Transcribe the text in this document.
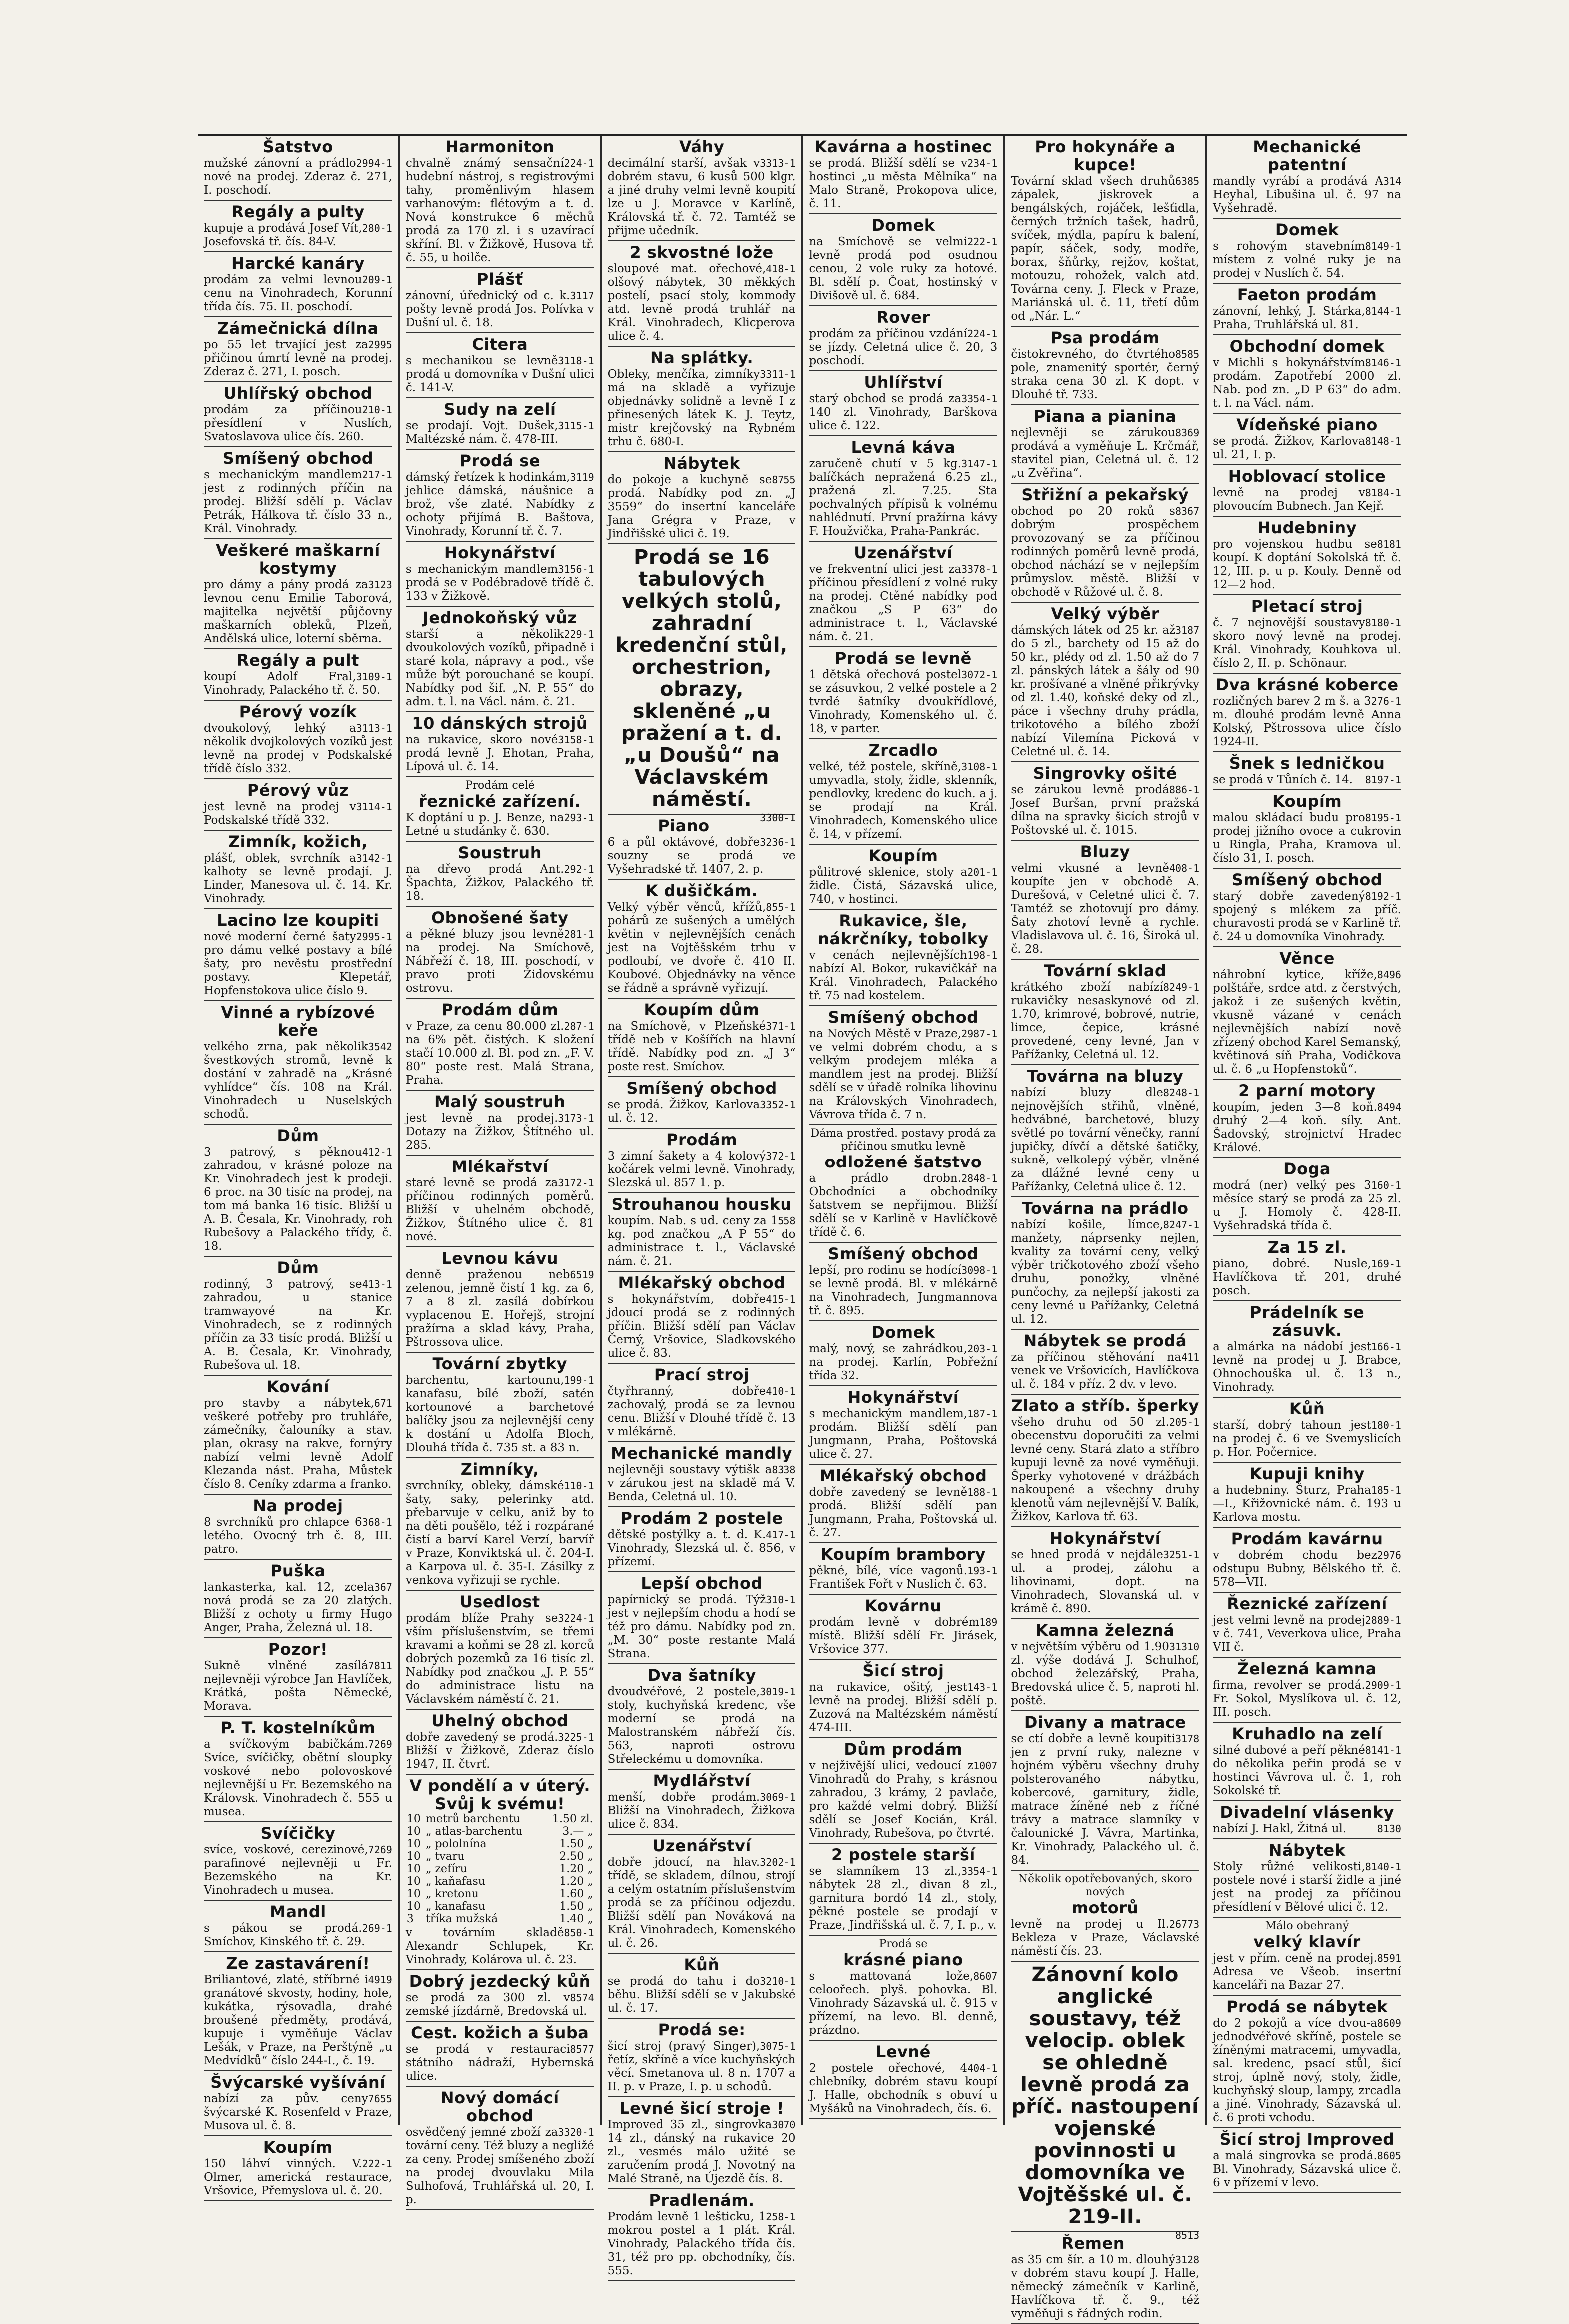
Šatstvo

2994-1
mužské zánovní a prádlo nové na prodej. Zderaz č. 271, I. poschodí.

Regály a pulty

280-1
kupuje a prodává Josef Vít, Josefovská tř. čís. 84-V.

Harcké kanáry

209-1
prodám za velmi levnou cenu na Vinohradech, Korunní třída čís. 75. II. poschodí.

Zámečnická dílna

2995
po 55 let trvající jest za přičinou úmrtí levně na prodej. Zderaz č. 271, I. posch.

Uhlířský obchod

210-1
prodám za příčinou přesídlení v Nuslích, Svatoslavova ulice čís. 260.

Smíšený obchod

217-1
s mechanickým mandlem jest z rodinných příčin na prodej. Bližší sdělí p. Václav Petrák, Hálkova tř. číslo 33 n., Král. Vinohrady.

Veškeré maškarní kostymy

3123
pro dámy a pány prodá za levnou cenu Emilie Taborová, majitelka největší půjčovny maškarních obleků, Plzeň, Andělská ulice, loterní sběrna.

Regály a pult

3109-1
koupí Adolf Fral, Vinohrady, Palackého tř. č. 50.

Pérový vozík

3113-1
dvoukolový, lehký a několik dvojkolových vozíků jest levně na prodej v Podskalské třídě číslo 332.

Pérový vůz

3114-1
jest levně na prodej v Podskalské třídě 332.

Zimník, kožich,

3142-1
plášť, oblek, svrchník a kalhoty se levně prodají. J. Linder, Manesova ul. č. 14. Kr. Vinohrady.

Lacino lze koupiti

2995-1
nové moderní černé šaty pro dámu velké postavy a bílé šaty, pro nevěstu prostřední postavy. Klepetář, Hopfenstokova ulice číslo 9.

Vinné a rybízové keře

3542
velkého zrna, pak několik švestkových stromů, levně k dostání v zahradě na „Krásné vyhlídce“ čís. 108 na Král. Vinohradech u Nuselských schodů.

Dům

412-1
3 patrový, s pěknou zahradou, v krásné poloze na Kr. Vinohradech jest k prodeji. 6 proc. na 30 tisíc na prodej, na tom má banka 16 tisíc. Bližší u A. B. Česala, Kr. Vinohrady, roh Rubešovy a Palackého třídy, č. 18.

Dům

413-1
rodinný, 3 patrový, se zahradou, u stanice tramwayové na Kr. Vinohradech, se z rodinných příčin za 33 tisíc prodá. Bližší u A. B. Česala, Kr. Vinohrady, Rubešova ul. 18.

Kování

671
pro stavby a nábytek, veškeré potřeby pro truhláře, zámečníky, čalouníky a stav. plan, okrasy na rakve, fornýry nabízí velmi levně Adolf Klezanda nást. Praha, Můstek číslo 8. Ceníky zdarma a franko.

Na prodej

368-1
8 svrchníků pro chlapce 6 letého. Ovocný trh č. 8, III. patro.

Puška

367
lankasterka, kal. 12, zcela nová prodá se za 20 zlatých. Bližší z ochoty u firmy Hugo Anger, Praha, Železná ul. 18.

Pozor!

7811
Sukně vlněné zasílá nejlevněji výrobce Jan Havlíček, Krátká, pošta Německé, Morava.

P. T. kostelníkům

7269
a svíčkovým babičkám. Svíce, svíčičky, obětní sloupky voskové nebo polovoskové nejlevnější u Fr. Bezemského na Královsk. Vinohradech č. 555 u musea.

Svíčičky

7269
svíce, voskové, cerezinové, parafinové nejlevněji u Fr. Bezemského na Kr. Vinohradech u musea.

Mandl

269-1
s pákou se prodá. Smíchov, Kinského tř. č. 29.

Ze zastavárení!

4919
Briliantové, zlaté, stříbrné i granátové skvosty, hodiny, hole, kukátka, rýsovadla, drahé broušené předměty, prodává, kupuje i vyměňuje Václav Lešák, v Praze, na Perštýně „u Medvídků“ číslo 244-I., č. 19.

Švýcarské vyšívání

7655
nabízí za pův. ceny švýcarské K. Rosenfeld v Praze, Musova ul. č. 8.

Koupím

222-1
150 láhví vinných. V. Olmer, americká restaurace, Vršovice, Přemyslova ul. č. 20.

Harmoniton

224-1
chvalně známý sensační hudební nástroj, s registrovými tahy, proměnlivým hlasem varhanovým: flétovým a t. d. Nová konstrukce 6 měchů prodá za 170 zl. i s uzavírací skříní. Bl. v Žižkově, Husova tř. č. 55, u hoilče.

Plášť

3117
zánovní, úřednický od c. k. pošty levně prodá Jos. Polívka v Dušní ul. č. 18.

Citera

3118-1
s mechanikou se levně prodá u domovníka v Dušní ulici č. 141-V.

Sudy na zelí

3115-1
se prodají. Vojt. Dušek, Maltézské nám. č. 478-III.

Prodá se

3119
dámský řetízek k hodinkám, jehlice dámská, náušnice a brož, vše zlaté. Nabídky z ochoty přijímá B. Baštova, Vinohrady, Korunní tř. č. 7.

Hokynářství

3156-1
s mechanickým mandlem prodá se v Podébradově třídě č. 133 v Žižkově.

Jednokoňský vůz

229-1
starší a několik dvoukolových vozíků, připadně i staré kola, nápravy a pod., vše může být porouchané se koupí. Nabídky pod šif. „N. P. 55“ do adm. t. l. na Václ. nám. č. 21.

10 dánských strojů

3158-1
na rukavice, skoro nové prodá levně J. Ehotan, Praha, Lípová ul. č. 14.

Prodám celé

řeznické zařízení.

293-1
K doptání u p. J. Benze, na Letné u studánky č. 630.

Soustruh

292-1
na dřevo prodá Ant. Špachta, Žižkov, Palackého tř. 18.

Obnošené šaty

281-1
a pěkné bluzy jsou levně na prodej. Na Smíchově, Nábřeží č. 18, III. poschodí, v pravo proti Židovskému ostrovu.

Prodám dům

287-1
v Praze, za cenu 80.000 zl. na 6% pět. čistých. K složení stačí 10.000 zl. Bl. pod zn. „F. V. 80“ poste rest. Malá Strana, Praha.

Malý soustruh

3173-1
jest levně na prodej. Dotazy na Žižkov, Štítného ul. 285.

Mlékařství

3172-1
staré levně se prodá za příčinou rodinných poměrů. Bližší v uhelném obchodě, Žižkov, Štítného ulice č. 81 nové.

Levnou kávu

6519
denně praženou neb zelenou, jemně čistí 1 kg. za 6, 7 a 8 zl. zasílá dobírkou vyplacenou E. Hořejš, strojní pražírna a sklad kávy, Praha, Pštrossova ulice.

Tovární zbytky

199-1
barchentu, kartounu, kanafasu, bílé zboží, satén kortounové a barchetové balíčky jsou za nejlevnější ceny k dostání u Adolfa Bloch, Dlouhá třída č. 735 st. a 83 n.

Zimníky,

110-1
svrchníky, obleky, dámské šaty, saky, pelerinky atd. přebarvuje v celku, aniž by to na děti poušělo, též i rozpárané čistí a barví Karel Verzí, barvíř v Praze, Konviktská ul. č. 204-I. a Karpova ul. č. 35-I. Zásilky z venkova vyřizuji se rychle.

Usedlost

3224-1
prodám blíže Prahy se vším příslušenstvím, se třemi kravami a koňmi se 28 zl. korců dobrých pozemků za 16 tisíc zl. Nabídky pod značkou „J. P. 55“ do administrace listu na Václavském náměstí č. 21.

Uhelný obchod

3225-1
dobře zavedený se prodá. Bližší v Žižkově, Zderaz číslo 1947, II. čtvrť.

V pondělí a v úterý.
Svůj k svému!
10	metrů barchentu	1.50 zl.
10	„ atlas-barchentu	3.— „
10	„ pololnína	1.50 „
10	„ tvaru	2.50 „
10	„ zefíru	1.20 „
10	„ kaňafasu	1.20 „
10	„ kretonu	1.60 „
10	„ kanafasu	1.50 „
3	tříka mužská	1.40 „

850-1
v továrním skladě Alexandr Schlupek, Kr. Vinohrady, Kolárova ul. č. 23.

Dobrý jezdecký kůň

8574
se prodá za 300 zl. v zemské jízdárně, Bredovská ul.

Cest. kožich a šuba

8577
se prodá v restauraci státního nádraží, Hybernská ulice.

Nový domácí obchod

3320-1
osvědčený jemné zboží za tovární ceny. Též bluzy a negližé za ceny. Prodej smíšeného zboží na prodej dvouvlaku Mila Sulhofová, Truhlářská ul. 20, I. p.

Váhy

3313-1
decimální starší, avšak v dobrém stavu, 6 kusů 500 klgr. a jiné druhy velmi levně koupití lze u J. Moravce v Karlíně, Královská tř. č. 72. Tamtéž se přijme učedník.

2 skvostné lože

418-1
sloupové mat. ořechové, olšový nábytek, 30 měkkých postelí, psací stoly, kommody atd. levně prodá truhlář na Král. Vinohradech, Klicperova ulice č. 4.

Na splátky.

3311-1
Obleky, menčíka, zimníky má na skladě a vyřizuje objednávky solidně a levně I z přinesených látek K. J. Teytz, mistr krejčovský na Rybném trhu č. 680-I.

Nábytek

8755
do pokoje a kuchyně se prodá. Nabídky pod zn. „J 3559“ do insertní kanceláře Jana Grégra v Praze, v Jindřišské ulici č. 19.

Prodá se 16 tabulových velkých stolů, zahradní kredenční stůl, orchestrion, obrazy, skleněné „u pražení a t. d. „u Doušů“ na Václavském náměstí.

3300-1

Piano

3236-1
6 a půl oktávové, dobře souzny se prodá ve Vyšehradské tř. 1407, 2. p.

K dušičkám.

855-1
Velký výběr věnců, křížů, pohárů ze sušených a umělých květin v nejlevnějších cenách jest na Vojtěšském trhu v podloubí, ve dvoře č. 410 II. Koubové. Objednávky na věnce se řádně a správně vyřizují.

Koupím dům

371-1
na Smíchově, v Plzeňské třídě neb v Košířích na hlavní třídě. Nabídky pod zn. „J 3“ poste rest. Smíchov.

Smíšený obchod

3352-1
se prodá. Žižkov, Karlova ul. č. 12.

Prodám

372-1
3 zimní šakety a 4 kolový kočárek velmi levně. Vinohrady, Slezská ul. 857 1. p.

Strouhanou housku

558
koupím. Nab. s ud. ceny za 1 kg. pod značkou „A P 55“ do administrace t. l., Václavské nám. č. 21.

Mlékařský obchod

415-1
s hokynářstvím, dobře jdoucí prodá se z rodinných příčin. Bližší sdělí pan Václav Černý, Vršovice, Sladkovského ulice č. 83.

Prací stroj

410-1
čtyřhranný, dobře zachovalý, prodá se za levnou cenu. Bližší v Dlouhé třídě č. 13 v mlékárně.

Mechanické mandly

8338
nejlevněji soustavy výtišk a v zárukou jest na skladě má V. Benda, Celetná ul. 10.

Prodám 2 postele

417-1
dětské postýlky a. t. d. K. Vinohrady, Slezská ul. č. 856, v přízemí.

Lepší obchod

310-1
papírnický se prodá. Týž jest v nejlepším chodu a hodí se též pro dámu. Nabídky pod zn. „M. 30“ poste restante Malá Strana.

Dva šatníky

3019-1
dvoudvéřové, 2 postele, stoly, kuchyňská kredenc, vše moderní se prodá na Malostranském nábřeží čís. 563, naproti ostrovu Střeleckému u domovníka.

Mydlářství

3069-1
menší, dobře prodám. Bližší na Vinohradech, Žižkova ulice č. 834.

Uzenářství

3202-1
dobře jdoucí, na hlav. třídě, se skladem, dílnou, strojí a celým ostatním příslušenstvím prodá se za příčinou odjezdu. Bližší sdělí pan Nováková na Král. Vinohradech, Komenského ul. č. 26.

Kůň

3210-1
se prodá do tahu i do běhu. Bližší sdělí se v Jakubské ul. č. 17.

Prodá se:

3075-1
šicí stroj (pravý Singer), řetíz, skříně a více kuchyňských věcí. Smetanova ul. 8 n. 1707 a II. p. v Praze, I. p. u schodů.

Levné šicí stroje !

3070
Improved 35 zl., singrovka 14 zl., dánský na rukavice 20 zl., vesmés málo užité se zaručením prodá J. Novotný na Malé Straně, na Újezdě čís. 8.

Pradlenám.

258-1
Prodám levně 1 lešticku, 1 mokrou postel a 1 plát. Král. Vinohrady, Palackého třída čís. 31, též pro pp. obchodníky, čís. 555.

Kavárna a hostinec

234-1
se prodá. Bližší sdělí se v hostinci „u města Mělníka“ na Malo Straně, Prokopova ulice, č. 11.

Domek

222-1
na Smíchově se velmi levně prodá pod osudnou cenou, 2 vole ruky za hotové. Bl. sdělí p. Čoat, hostinský v Divišově ul. č. 684.

Rover

224-1
prodám za příčinou vzdání se jízdy. Celetná ulice č. 20, 3 poschodí.

Uhlířství

3354-1
starý obchod se prodá za 140 zl. Vinohrady, Barškova ulice č. 122.

Levná káva

3147-1
zaručeně chutí v 5 kg. balíčkách nepražená 6.25 zl., pražená zl. 7.25. Sta pochvalných přípisů k volnému nahlédnutí. První pražírna kávy F. Houžvička, Praha-Pankrác.

Uzenářství

3378-1
ve frekventní ulici jest za příčinou přesídlení z volné ruky na prodej. Ctěné nabídky pod značkou „S P 63“ do administrace t. l., Václavské nám. č. 21.

Prodá se levně

3072-1
1 dětská ořechová postel se zásuvkou, 2 velké postele a 2 tvrdé šatníky dvoukřídlové, Vinohrady, Komenského ul. č. 18, v parter.

Zrcadlo

3108-1
velké, též postele, skříně, umyvadla, stoly, židle, sklenník, pendlovky, kredenc do kuch. a j. se prodají na Král. Vinohradech, Komenského ulice č. 14, v přízemí.

Koupím

201-1
půlitrové sklenice, stoly a židle. Čistá, Sázavská ulice, 740, v hostinci.

Rukavice, šle, nákrčníky, tobolky

198-1
v cenách nejlevnějších nabízí Al. Bokor, rukavičkář na Král. Vinohradech, Palackého tř. 75 nad kostelem.

Smíšený obchod

2987-1
na Nových Městě v Praze, ve velmi dobrém chodu, a s velkým prodejem mléka a mandlem jest na prodej. Bližší sdělí se v úřadě rolníka lihovinu na Královských Vinohradech, Vávrova třída č. 7 n.

Dáma prostřed. postavy prodá za příčinou smutku levně

odložené šatstvo

2848-1
a prádlo drobn. Obchodníci a obchodníky šatstvem se nepřijmou. Bližší sdělí se v Karlině v Havlíčkově třídě č. 6.

Smíšený obchod

3098-1
lepší, pro rodinu se hodící se levně prodá. Bl. v mlékárně na Vinohradech, Jungmannova tř. č. 895.

Domek

203-1
malý, nový, se zahrádkou, na prodej. Karlín, Pobřežní třída 32.

Hokynářství

187-1
s mechanickým mandlem, prodám. Bližší sdělí pan Jungmann, Praha, Poštovská ulice č. 27.

Mlékařský obchod

188-1
dobře zavedený se levně prodá. Bližší sdělí pan Jungmann, Praha, Poštovská ul. č. 27.

Koupím brambory

193-1
pěkné, bílé, více vagonů. František Fořt v Nuslich č. 63.

Kovárnu

189
prodám levně v dobrém místě. Bližší sdělí Fr. Jirásek, Vršovice 377.

Šicí stroj

143-1
na rukavice, ošitý, jest levně na prodej. Bližší sdělí p. Zuzová na Maltézském náměstí 474-III.

Dům prodám

1007
v nejživější ulici, vedoucí z Vinohradů do Prahy, s krásnou zahradou, 3 krámy, 2 pavlače, pro každé velmi dobrý. Bližší sdělí se Josef Kocián, Král. Vinohrady, Rubešova, po čtvrté.

2 postele starší

3354-1
se slamníkem 13 zl., nábytek 28 zl., divan 8 zl., garnitura bordó 14 zl., stoly, pěkné postele se prodají v Praze, Jindřišská ul. č. 7, I. p., v.

Prodá se

krásné piano

8607
s mattovaná lože, celoořech. plyš. pohovka. Bl. Vinohrady Sázavská ul. č. 915 v přízemí, na levo. Bl. denně, prázdno.

Levné

404-1
2 postele ořechové, 4 chlebníky, dobrém stavu koupí J. Halle, obchodník s obuví u Myšáků na Vinohradech, čís. 6.

Pro hokynáře a kupce!

6385
Tovární sklad všech druhů zápalek, jiskrovek a bengálských, rojáček, lešťidla, černých tržních tašek, hadrů, svíček, mýdla, papíru k balení, papír, sáček, sody, modře, borax, šňůrky, rejžov, koštat, motouzu, rohožek, valch atd. Továrna ceny. J. Fleck v Praze, Mariánská ul. č. 11, třetí dům od „Nár. L.“

Psa prodám

8585
čistokrevného, do čtvrtého pole, znamenitý sportér, černý straka cena 30 zl. K dopt. v Dlouhé tř. 733.

Piana a pianina

8369
nejlevněji se zárukou prodává a vyměňuje L. Krčmář, stavitel pian, Celetná ul. č. 12 „u Zvěřina“.

Střižní a pekařský

8367
obchod po 20 roků s dobrým prospěchem provozovaný se za příčinou rodinných poměrů levně prodá, obchod náchází se v nejlepším průmyslov. městě. Bližší v obchodě v Růžové ul. č. 8.

Velký výběr

3187
dámských látek od 25 kr. až do 5 zl., barchety od 15 až do 50 kr., plédy od zl. 1.50 až do 7 zl. pánských látek a šály od 90 kr. prošívané a vlněné přikrývky od zl. 1.40, koňské deky od zl., páce i všechny druhy prádla, trikotového a bílého zboží nabízí Vilemína Picková v Celetné ul. č. 14.

Singrovky ošité

886-1
se zárukou levně prodá Josef Buršan, první pražská dílna na spravky šicích strojů v Poštovské ul. č. 1015.

Bluzy

408-1
velmi vkusné a levně koupíte jen v obchodě A. Durešová, v Celetné ulici č. 7. Tamtéž se zhotovují pro dámy. Šaty zhotoví levně a rychle. Vladislavova ul. č. 16, Široká ul. č. 28.

Tovární sklad

8249-1
krátkého zboží nabízí rukavičky nesaskynové od zl. 1.70, krimrové, bobrové, nutrie, limce, čepice, krásné provedené, ceny levné, Jan v Pařížanky, Celetná ul. 12.

Továrna na bluzy

8248-1
nabízí bluzy dle nejnovějších střihů, vlněné, hedvábné, barchetové, bluzy světlé po tovární věnečky, ranní jupičky, dívčí a dětské šatičky, sukně, velkolepý výběr, vlněné za dlážné levné ceny u Pařížanky, Celetná ulice č. 12.

Továrna na prádlo

8247-1
nabízí košile, límce, manžety, náprsenky nejlen, kvality za tovární ceny, velký výběr tričkotového zboží všeho druhu, ponožky, vlněné punčochy, za nejlepší jakosti za ceny levné u Pařížanky, Celetná ul. 12.

Nábytek se prodá

411
za příčinou stěhování na venek ve Vršovicích, Havlíčkova ul. č. 184 v příz. 2 dv. v levo.

Zlato a stříb. šperky

205-1
všeho druhu od 50 zl. obecenstvu doporučiti za velmi levné ceny. Stará zlato a stříbro kupuji levně za nové vyměňuji. Šperky vyhotovené v drážbách nakoupené a všechny druhy klenotů vám nejlevnější V. Balík, Žižkov, Karlova tř. 63.

Hokynářství

3251-1
se hned prodá v nejdále ul. a prodej, zálohu a lihovinami, dopt. na Vinohradech, Slovanská ul. v krámě č. 890.

Kamna železná

31310
v největším výběru od 1.90 zl. výše dodává J. Schulhof, obchod železářský, Praha, Bredovská ulice č. 5, naproti hl. poště.

Divany a matrace

3178
se ctí dobře a levně koupiti jen z první ruky, nalezne v hojném výběru všechny druhy polsterovaného nábytku, kobercové, garnitury, židle, matrace žíněné neb z říčné trávy a matrace slamníky v čalounické J. Vávra, Martinka, Kr. Vinohrady, Palackého ul. č. 84.

Několik opotřebovaných, skoro nových

motorů

26773
levně na prodej u Il. Bekleza v Praze, Václavské náměstí čís. 23.

Zánovní kolo anglické soustavy, též velocip. oblek se ohledně levně prodá za příč. nastoupení vojenské povinnosti u domovníka ve Vojtěšské ul. č. 219-II.

8513

Řemen

3128
as 35 cm šír. a 10 m. dlouhý v dobrém stavu koupí J. Halle, německý zámečník v Karlině, Havlíčkova tř. č. 9., též vyměňuji s řádných rodin.

Mechanické patentní

314
mandly vyrábí a prodává A Heyhal, Libušina ul. č. 97 na Vyšehradě.

Domek

8149-1
s rohovým stavebním místem z volné ruky je na prodej v Nuslích č. 54.

Faeton prodám

8144-1
zánovní, lehký, J. Stárka, Praha, Truhlářská ul. 81.

Obchodní domek

8146-1
v Michli s hokynářstvím prodám. Zapotřebí 2000 zl. Nab. pod zn. „D P 63“ do adm. t. l. na Václ. nám.

Vídeňské piano

8148-1
se prodá. Žižkov, Karlova ul. 21, I. p.

Hoblovací stolice

8184-1
levně na prodej v plovoucím Bubnech. Jan Kejř.

Hudebniny

8181
pro vojenskou hudbu se koupí. K doptání Sokolská tř. č. 12, III. p. u p. Kouly. Denně od 12—2 hod.

Pletací stroj

8180-1
č. 7 nejnovější soustavy skoro nový levně na prodej. Král. Vinohrady, Kouhkova ul. číslo 2, II. p. Schönaur.

Dva krásné koberce

276-1
rozličných barev 2 m š. a 3 m. dlouhé prodám levně Anna Kolský, Pštrossova ulice číslo 1924-II.

Šnek s ledničkou

8197-1
se prodá v Tůních č. 14.

Koupím

8195-1
malou skládací budu pro prodej jižního ovoce a cukrovin u Ringla, Praha, Kramova ul. číslo 31, I. posch.

Smíšený obchod

8192-1
starý dobře zavedený spojený s mlékem za příč. churavosti prodá se v Karlině tř. č. 24 u domovníka Vinohrady.

Věnce

8496
náhrobní kytice, kříže, polštáře, srdce atd. z čerstvých, jakož i ze sušených květin, vkusně vázané v cenách nejlevnějších nabízí nově zřízený obchod Karel Semanský, květinová síň Praha, Vodičkova ul. č. 6 „u Hopfenstoků“.

2 parní motory

8494
koupím, jeden 3—8 koň. druhý 2—4 koň. síly. Ant. Šadovský, strojnictví Hradec Králové.

Doga

160-1
modrá (ner) velký pes 3 měsíce starý se prodá za 25 zl. u J. Homoly č. 428-II. Vyšehradská třída č.

Za 15 zl.

169-1
piano, dobré. Nusle, Havlíčkova tř. 201, druhé posch.

Prádelník se zásuvk.

166-1
a almárka na nádobí jest levně na prodej u J. Brabce, Ohnochouška ul. č. 13 n., Vinohrady.

Kůň

180-1
starší, dobrý tahoun jest na prodej č. 6 ve Svemyslicích p. Hor. Počernice.

Kupuji knihy

185-1
a hudebniny. Šturz, Praha—I., Křižovnické nám. č. 193 u Karlova mostu.

Prodám kavárnu

2976
v dobrém chodu bez odstupu Bubny, Bělského tř. č. 578—VII.

Řeznické zařízení

2889-1
jest velmi levně na prodej v č. 741, Veverkova ulice, Praha VII č.

Železná kamna

2909-1
firma, revolver se prodá. Fr. Sokol, Myslíkova ul. č. 12, III. posch.

Kruhadlo na zelí

8141-1
silné dubové a peří pěkné do několika peřin prodá se v hostinci Vávrova ul. č. 1, roh Sokolské tř.

Divadelní vlásenky

8130
nabízí J. Hakl, Žitná ul.

Nábytek

8140-1
Stoly růžné velikosti, postele nové i starší židle a jiné jest na prodej za příčinou přesídlení v Bělové ulici č. 12.

Málo obehraný

velký klavír

8591
jest v přím. ceně na prodej. Adresa ve Všeob. insertní kanceláři na Bazar 27.

Prodá se nábytek

8609
do 2 pokojů a více dvou-a jednodvéřové skříně, postele se žíněnými matracemi, umyvadla, sal. kredenc, psací stůl, šicí stroj, úplně nový, stoly, židle, kuchyňský sloup, lampy, zrcadla a jiné. Vinohrady, Sázavská ul. č. 6 proti vchodu.

Šicí stroj Improved

8605
a malá singrovka se prodá. Bl. Vinohrady, Sázavská ulice č. 6 v přízemí v levo.
